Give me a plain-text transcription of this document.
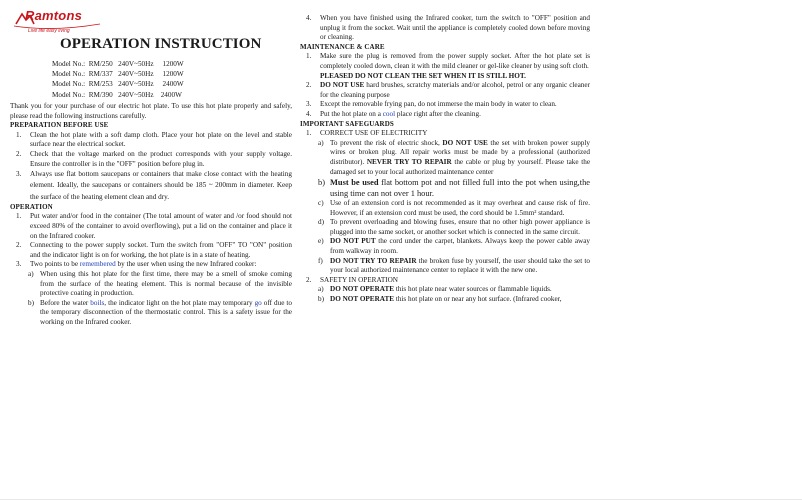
Ramtons
Live life easy living
OPERATION INSTRUCTION
Model No.:  RM/250   240V~50Hz     1200W
Model No.:  RM/337   240V~50Hz     1200W
Model No.:  RM/253   240V~50Hz     2400W
Model No.:  RM/390   240V~50Hz    2400W
Thank you for your purchase of our electric hot plate. To use this hot plate properly and safely, please read the following instructions carefully.
PREPARATION BEFORE USE
1. Clean the hot plate with a soft damp cloth. Place your hot plate on the level and stable surface near the electrical socket.
2. Check that the voltage marked on the product corresponds with your supply voltage. Ensure the controller is in the "OFF" position before plug in.
3. Always use flat bottom saucepans or containers that make close contact with the heating element. Ideally, the saucepans or containers should be 185 ~ 200mm in diameter. Keep the surface of the heating element clean and dry.
OPERATION
1. Put water and/or food in the container (The total amount of water and /or food should not exceed 80% of the container to avoid overflowing), put a lid on the container and place it on the Infrared cooker.
2. Connecting to the power supply socket. Turn the switch from "OFF" TO "ON" position and the indicator light is on for working, the hot plate is in a state of heating.
3. Two points to be remembered by the user when using the new Infrared cooker:
a) When using this hot plate for the first time, there may be a smell of smoke coming from the surface of the heating element. This is normal because of the invisible protective coating in production.
b) Before the water boils, the indicator light on the hot plate may temporary go off due to the temporary disconnection of the thermostatic control. This is a safety issue for the working on the Infrared cooker.
4. When you have finished using the Infrared cooker, turn the switch to "OFF" position and unplug it from the socket. Wait until the appliance is completely cooled down before moving or cleaning.
MAINTENANCE & CARE
1. Make sure the plug is removed from the power supply socket. After the hot plate set is completely cooled down, clean it with the mild cleaner or gel-like cleaner by using soft cloth.
PLEASED DO NOT CLEAN THE SET WHEN IT IS STILL HOT.
2. DO NOT USE hard brushes, scratchy materials and/or alcohol, petrol or any organic cleaner for the cleaning purpose
3. Except the removable frying pan, do not immerse the main body in water to clean.
4. Put the hot plate on a cool place right after the cleaning.
IMPORTANT SAFEGUARDS
1. CORRECT USE OF ELECTRICITY
a) To prevent the risk of electric shock, DO NOT USE the set with broken power supply wires or broken plug. All repair works must be made by a professional (authorized distributor). NEVER TRY TO REPAIR the cable or plug by yourself. Please take the damaged set to your local authorized maintenance center
b) Must be used flat bottom pot and not filled full into the pot when using,the using time can not over 1 hour.
c) Use of an extension cord is not recommended as it may overheat and cause risk of fire. However, if an extension cord must be used, the cord should be 1.5mm² standard.
d) To prevent overloading and blowing fuses, ensure that no other high power appliance is plugged into the same socket, or another socket which is connected in the same circuit.
e) DO NOT PUT the cord under the carpet, blankets. Always keep the power cable away from walkway in room.
f) DO NOT TRY TO REPAIR the broken fuse by yourself, the user should take the set to your local authorized maintenance center to replace it with the new one.
2. SAFETY IN OPERATION
a) DO NOT OPERATE this hot plate near water sources or flammable liquids.
b) DO NOT OPERATE this hot plate on or near any hot surface. (Infrared cooker,
